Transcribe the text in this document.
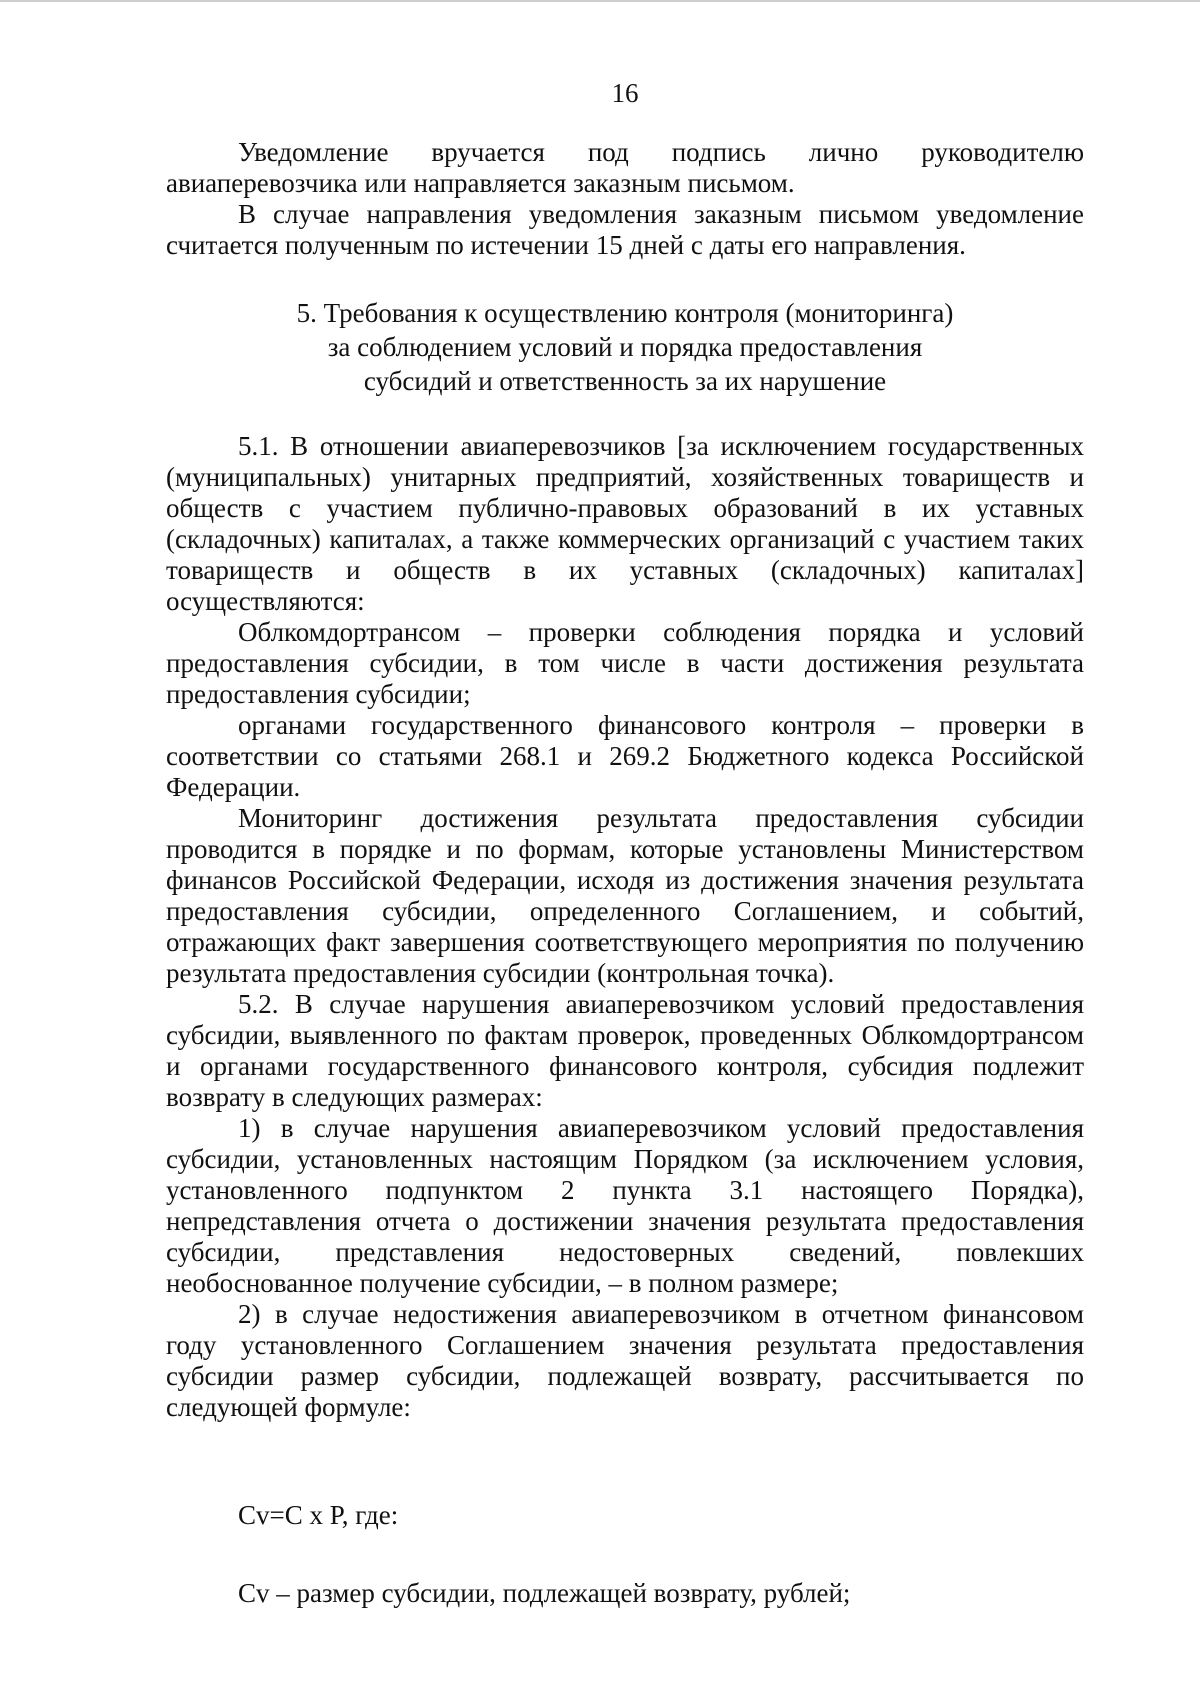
16

Уведомление вручается под подпись лично руководителю авиаперевозчика или направляется заказным письмом.

В случае направления уведомления заказным письмом уведомление считается полученным по истечении 15 дней с даты его направления.

5. Требования к осуществлению контроля (мониторинга)
за соблюдением условий и порядка предоставления
субсидий и ответственность за их нарушение

5.1. В отношении авиаперевозчиков [за исключением государственных (муниципальных) унитарных предприятий, хозяйственных товариществ и обществ с участием публично-правовых образований в их уставных (складочных) капиталах, а также коммерческих организаций с участием таких товариществ и обществ в их уставных (складочных) капиталах] осуществляются:

Облкомдортрансом – проверки соблюдения порядка и условий предоставления субсидии, в том числе в части достижения результата предоставления субсидии;

органами государственного финансового контроля – проверки в соответствии со статьями 268.1 и 269.2 Бюджетного кодекса Российской Федерации.

Мониторинг достижения результата предоставления субсидии проводится в порядке и по формам, которые установлены Министерством финансов Российской Федерации, исходя из достижения значения результата предоставления субсидии, определенного Соглашением, и событий, отражающих факт завершения соответствующего мероприятия по получению результата предоставления субсидии (контрольная точка).

5.2. В случае нарушения авиаперевозчиком условий предоставления субсидии, выявленного по фактам проверок, проведенных Облкомдортрансом и органами государственного финансового контроля, субсидия подлежит возврату в следующих размерах:

1) в случае нарушения авиаперевозчиком условий предоставления субсидии, установленных настоящим Порядком (за исключением условия, установленного подпунктом 2 пункта 3.1 настоящего Порядка), непредставления отчета о достижении значения результата предоставления субсидии, представления недостоверных сведений, повлекших необоснованное получение субсидии, – в полном размере;

2) в случае недостижения авиаперевозчиком в отчетном финансовом году установленного Соглашением значения результата предоставления субсидии размер субсидии, подлежащей возврату, рассчитывается по следующей формуле:

Cv=C x P, где:

Cv – размер субсидии, подлежащей возврату, рублей;
